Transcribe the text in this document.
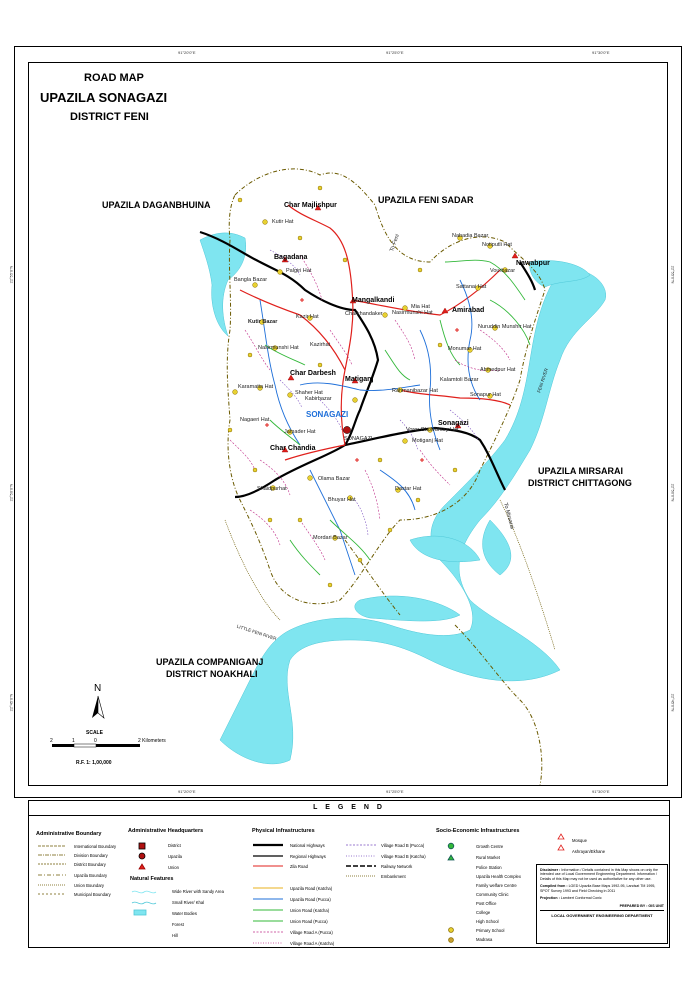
91°20'0"E	91°25'0"E	91°30'0"E
91°20'0"E	91°25'0"E	91°30'0"E
22°55'0"N
22°50'0"N
22°45'0"N
22°55'0"N
22°50'0"N
22°45'0"N
ROAD MAP
UPAZILA SONAGAZI
DISTRICT FENI
UPAZILA DAGANBHUINA	UPAZILA FENI SADAR
UPAZILA MIRSARAI
DISTRICT CHITTAGONG
UPAZILA COMPANIGANJ
DISTRICT NOAKHALI
Char Majlishpur
Bagadana
Mangalkandi
Nawabpur
Amirabad
Char Darbesh
Matiganj
Sonagazi
Char Chandia
SONAGAZI
Kutir Hat
Bangla Bazar
Palgiri Hat
Kutir Bazar
Kazir Hat
Nabadia Bazar
Notiputli Hat
Vourbazar
Sattanai Hat
Mia Hat
Nasirmunshi Hat
Charkhandaker
Nuruddin Munshir Hat
Monumar Hat
Nasirmunshi Hat
Karamatia Hat
Kazirhat
Shaher Hat
Kabirbazar
Rahmanibazar Hat
Ahmedpur Hat
Kalamtoli Bazar
Sonapur Hat
Voror Chowdhury Hat
Jamader Hat
Nagaeri Hat
Motiganj Hat
SONAGAZI
Shaidpurhat
Olama Bazar
Bhuyar Hat
Dastar Hat
Mordari Bazar
To Feni
To Mirsarai
FENI RIVER
LITTLE FENI RIVER
N
SCALE
2	1	0	2 Kilometers
R.F. 1: 1,00,000
L E G E N D
Administrative Boundary
International Boundary
Division Boundary
District Boundary
Upazila Boundary
Union Boundary
Municipal Boundary
Administrative Headquarters
District
Upazila
Union
Natural Features
Wide River with Sandy Area
Small River/ Khal
Water Bodies
Forest
Hill
Physical Infrastructures
National Highways
Regional Highways
Zila Road
Upazila Road (Katcha)
Upazila Road (Pucca)
Union Road (Katcha)
Union Road (Pucca)
Village Road A (Pucca)
Village Road A (Katcha)
Village Road B (Pucca)
Village Road B (Katcha)
Railway Network
Embankment
Socio-Economic Infrastructures
Growth Centre
Rural Market
Police Station
Upazila Health Complex
Family welfare Centre
Community Clinic
Post Office
College
High School
Primary School
Madrasa
Mosque
Ashrayan/Ekhane
Disclaimer : Information / Details contained in this Map shows on only the intended use of Local Government Engineering Department. Information / Details of this Map may not be used as authoritative for any other use.
Compiled from : LGED Upazila Base Maps 1992-95, Landsat TM 1995, SPOT Survey 1993 and Field Checking in 2011
Projection : Lambert Conformal Conic
PREPARED BY : GIS UNIT
LOCAL GOVERNMENT ENGINEERING DEPARTMENT
